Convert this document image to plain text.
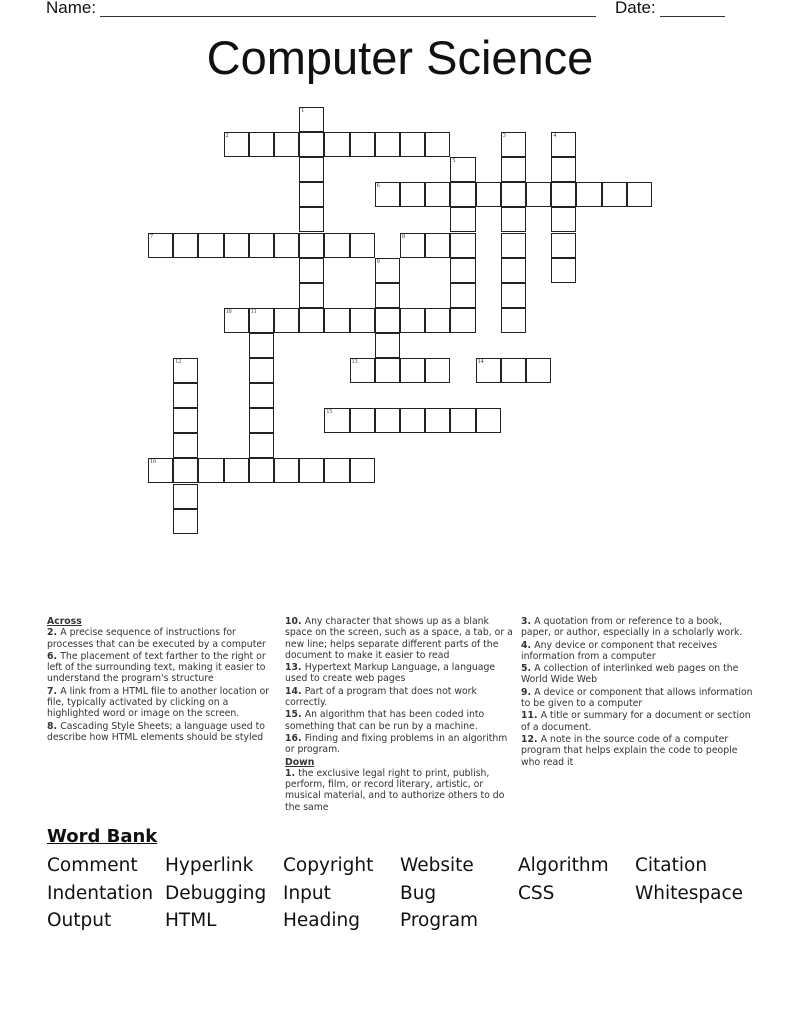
Name:	Date:
Computer Science
1
2	3	4
5
6
7	8
9
10	11
12	13	14
15
16
Across
2. A precise sequence of instructions for processes that can be executed by a computer
6. The placement of text farther to the right or left of the surrounding text, making it easier to understand the program's structure
7. A link from a HTML file to another location or file, typically activated by clicking on a highlighted word or image on the screen.
8. Cascading Style Sheets; a language used to describe how HTML elements should be styled
10. Any character that shows up as a blank space on the screen, such as a space, a tab, or a new line; helps separate different parts of the document to make it easier to read
13. Hypertext Markup Language, a language used to create web pages
14. Part of a program that does not work correctly.
15. An algorithm that has been coded into something that can be run by a machine.
16. Finding and fixing problems in an algorithm or program.
Down
1. the exclusive legal right to print, publish, perform, film, or record literary, artistic, or musical material, and to authorize others to do the same
3. A quotation from or reference to a book, paper, or author, especially in a scholarly work.
4. Any device or component that receives information from a computer
5. A collection of interlinked web pages on the World Wide Web
9. A device or component that allows information to be given to a computer
11. A title or summary for a document or section of a document.
12. A note in the source code of a computer program that helps explain the code to people who read it
Word Bank
Comment Hyperlink Copyright Website Algorithm Citation
Indentation Debugging Input	Bug	CSS	Whitespace
Output	HTML	Heading Program
